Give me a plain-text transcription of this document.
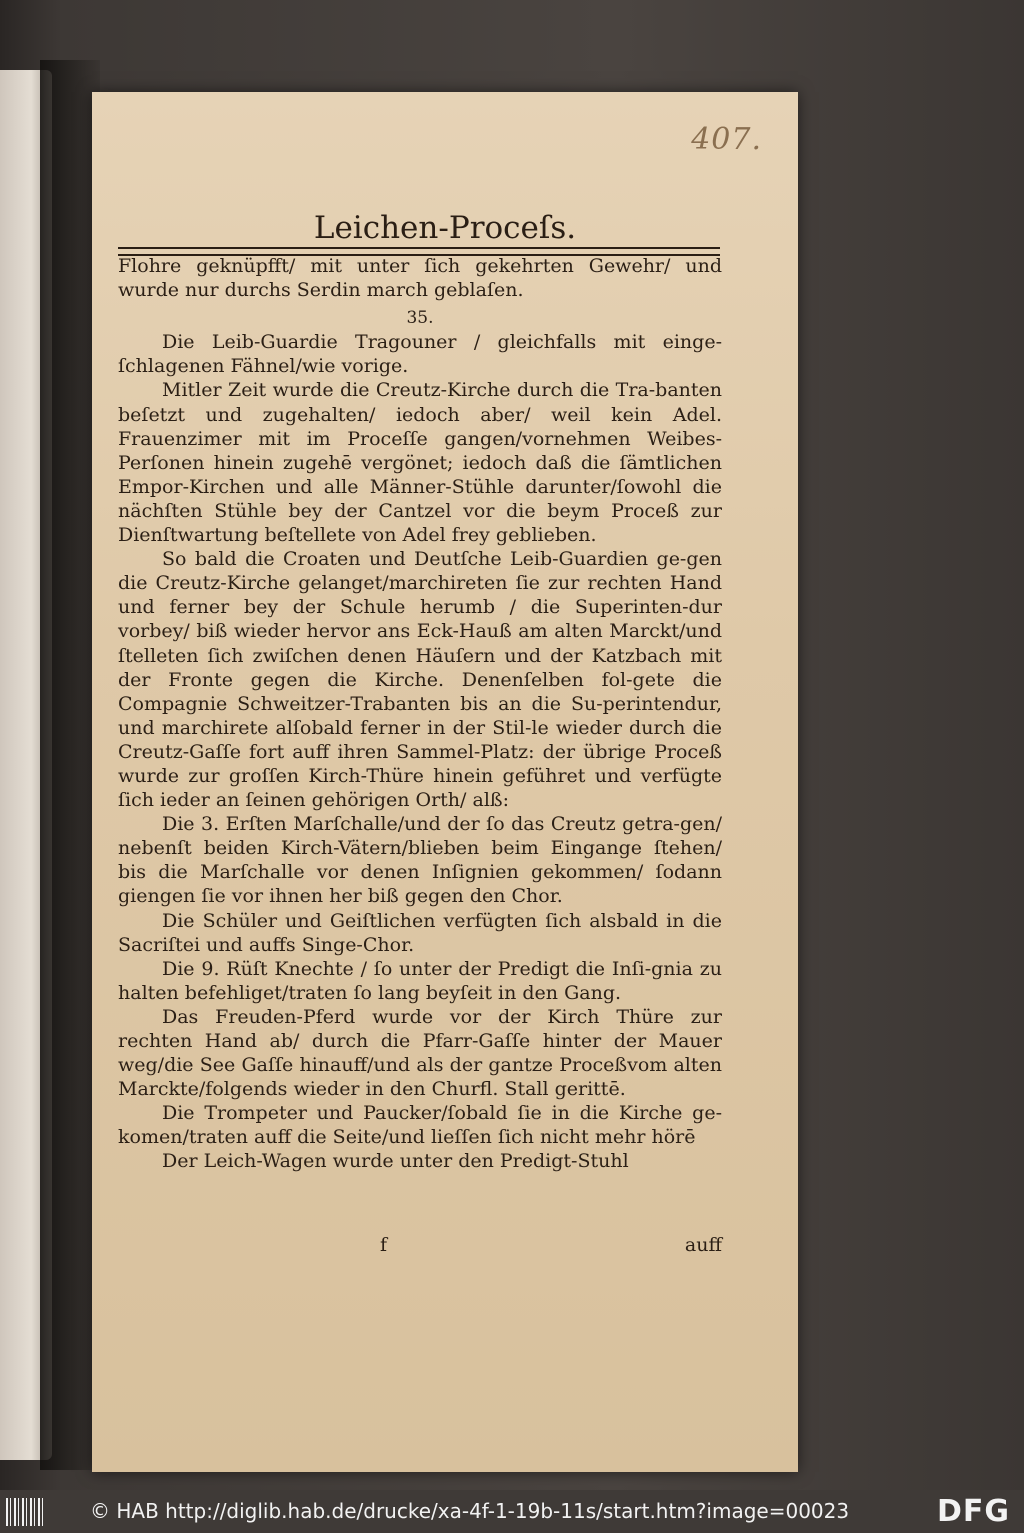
407.
Leichen-Proceſs.

Flohre geknüpfft/ mit unter ſich gekehrten Gewehr/ und wurde nur durchs Serdin march geblaſen.

35.

Die Leib-Guardie Tragouner / gleichfalls mit einge-ſchlagenen Fähnel/wie vorige.

Mitler Zeit wurde die Creutz-Kirche durch die Tra-banten beſetzt und zugehalten/ iedoch aber/ weil kein Adel. Frauenzimer mit im Proceſſe gangen/vornehmen Weibes-Perſonen hinein zugehē vergönet; iedoch daß die ſämtlichen Empor-Kirchen und alle Männer-Stühle darunter/ſowohl die nächſten Stühle bey der Cantzel vor die beym Proceß zur Dienſtwartung beſtellete von Adel frey geblieben.

So bald die Croaten und Deutſche Leib-Guardien ge-gen die Creutz-Kirche gelanget/marchireten ſie zur rechten Hand und ferner bey der Schule herumb / die Superinten-dur vorbey/ biß wieder hervor ans Eck-Hauß am alten Marckt/und ſtelleten ſich zwiſchen denen Häuſern und der Katzbach mit der Fronte gegen die Kirche. Denenſelben fol-gete die Compagnie Schweitzer-Trabanten bis an die Su-perintendur, und marchirete alſobald ferner in der Stil-le wieder durch die Creutz-Gaſſe fort auff ihren Sammel-Platz: der übrige Proceß wurde zur groſſen Kirch-Thüre hinein geführet und verfügte ſich ieder an ſeinen gehörigen Orth/ alß:

Die 3. Erſten Marſchalle/und der ſo das Creutz getra-gen/ nebenſt beiden Kirch-Vätern/blieben beim Eingange ſtehen/ bis die Marſchalle vor denen Inſignien gekommen/ ſodann giengen ſie vor ihnen her biß gegen den Chor.

Die Schüler und Geiſtlichen verfügten ſich alsbald in die Sacriſtei und auffs Singe-Chor.

Die 9. Rüſt Knechte / ſo unter der Predigt die Inſi-gnia zu halten befehliget/traten ſo lang beyſeit in den Gang.

Das Freuden-Pferd wurde vor der Kirch Thüre zur rechten Hand ab/ durch die Pfarr-Gaſſe hinter der Mauer weg/die See Gaſſe hinauff/und als der gantze Proceßvom alten Marckte/folgends wieder in den Churfl. Stall gerittē.

Die Trompeter und Paucker/ſobald ſie in die Kirche ge-komen/traten auff die Seite/und lieſſen ſich nicht mehr hörē

Der Leich-Wagen wurde unter den Predigt-Stuhl

f	auff
© HAB http://diglib.hab.de/drucke/xa-4f-1-19b-11s/start.htm?image=00023	DFG
